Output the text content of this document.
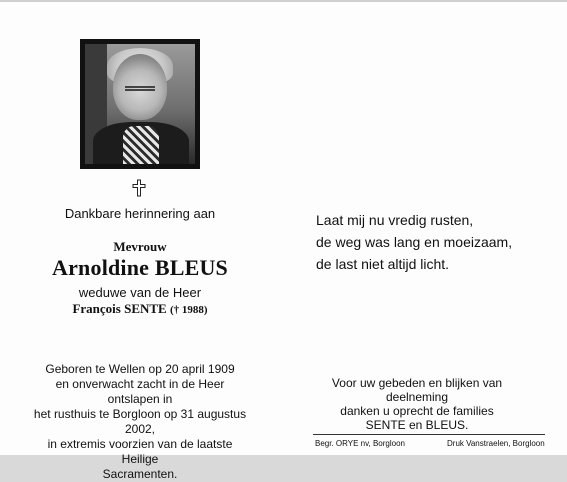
Dankbare herinnering aan
Mevrouw
Arnoldine BLEUS
weduwe van de Heer
François SENTE († 1988)
Geboren te Wellen op 20 april 1909
en onverwacht zacht in de Heer ontslapen in
het rusthuis te Borgloon op 31 augustus 2002,
in extremis voorzien van de laatste Heilige
Sacramenten.
Laat mij nu vredig rusten,
de weg was lang en moeizaam,
de last niet altijd licht.
Voor uw gebeden en blijken van deelneming
danken u oprecht de families
SENTE en BLEUS.
Begr. ORYE nv, Borgloon	Druk Vanstraelen, Borgloon
